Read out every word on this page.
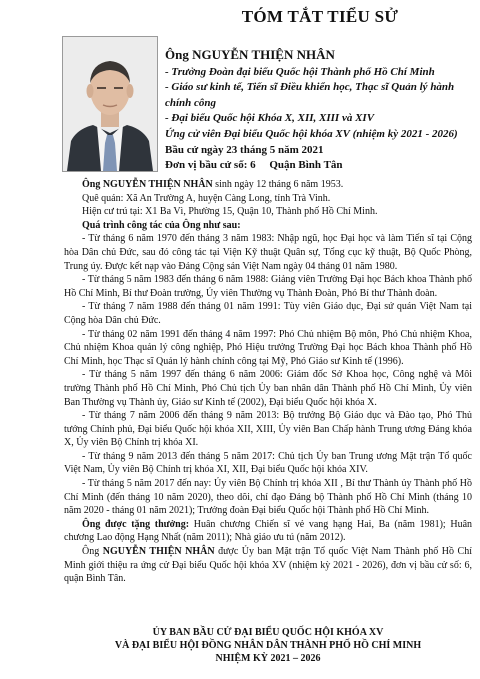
TÓM TẮT TIỂU SỬ
Ông NGUYỄN THIỆN NHÂN
- Trưởng Đoàn đại biểu Quốc hội Thành phố Hồ Chí Minh
- Giáo sư kinh tế, Tiến sĩ Điều khiển học, Thạc sĩ Quản lý hành chính công
- Đại biểu Quốc hội Khóa X, XII, XIII và XIV
Ứng cử viên Đại biểu Quốc hội khóa XV (nhiệm kỳ 2021 - 2026)
Bầu cử ngày 23 tháng 5 năm 2021
Đơn vị bầu cử số: 6     Quận Bình Tân

Ông NGUYỄN THIỆN NHÂN sinh ngày 12 tháng 6 năm 1953.

Quê quán: Xã An Trường A, huyện Càng Long, tỉnh Trà Vinh.

Hiện cư trú tại: X1 Ba Vì, Phường 15, Quận 10, Thành phố Hồ Chí Minh.

Quá trình công tác của Ông như sau:

- Từ tháng 6 năm 1970 đến tháng 3 năm 1983: Nhập ngũ, học Đại học và làm Tiến sĩ tại Cộng hòa Dân chủ Đức, sau đó công tác tại Viện Kỹ thuật Quân sự, Tổng cục kỹ thuật, Bộ Quốc Phòng, Trung úy. Được kết nạp vào Đảng Cộng sản Việt Nam ngày 04 tháng 01 năm 1980.

- Từ tháng 5 năm 1983 đến tháng 6 năm 1988: Giảng viên Trường Đại học Bách khoa Thành phố Hồ Chí Minh, Bí thư Đoàn trường, Ủy viên Thường vụ Thành Đoàn, Phó Bí thư Thành đoàn.

- Từ tháng 7 năm 1988 đến tháng 01 năm 1991: Tùy viên Giáo dục, Đại sứ quán Việt Nam tại Cộng hòa Dân chủ Đức.

- Từ tháng 02 năm 1991 đến tháng 4 năm 1997: Phó Chủ nhiệm Bộ môn, Phó Chủ nhiệm Khoa, Chủ nhiệm Khoa quản lý công nghiệp, Phó Hiệu trưởng Trường Đại học Bách khoa Thành phố Hồ Chí Minh, học Thạc sĩ Quản lý hành chính công tại Mỹ, Phó Giáo sư Kinh tế (1996).

- Từ tháng 5 năm 1997 đến tháng 6 năm 2006: Giám đốc Sở Khoa học, Công nghệ và Môi trường Thành phố Hồ Chí Minh, Phó Chủ tịch Ủy ban nhân dân Thành phố Hồ Chí Minh, Ủy viên Ban Thường vụ Thành ủy, Giáo sư Kinh tế (2002), Đại biểu Quốc hội khóa X.

- Từ tháng 7 năm 2006 đến tháng 9 năm 2013: Bộ trưởng Bộ Giáo dục và Đào tạo, Phó Thủ tướng Chính phủ, Đại biểu Quốc hội khóa XII, XIII, Ủy viên Ban Chấp hành Trung ương Đảng khóa X, Ủy viên Bộ Chính trị khóa XI.

- Từ tháng 9 năm 2013 đến tháng 5 năm 2017: Chủ tịch Ủy ban Trung ương Mặt trận Tổ quốc Việt Nam, Ủy viên Bộ Chính trị khóa XI, XII, Đại biểu Quốc hội khóa XIV.

- Từ tháng 5 năm 2017 đến nay: Ủy viên Bộ Chính trị khóa XII , Bí thư Thành ủy Thành phố Hồ Chí Minh (đến tháng 10 năm 2020), theo dõi, chỉ đạo Đảng bộ Thành phố Hồ Chí Minh (tháng 10 năm 2020 - tháng 01 năm 2021); Trưởng đoàn Đại biểu Quốc hội Thành phố Hồ Chí Minh.

Ông được tặng thưởng: Huân chương Chiến sĩ vẻ vang hạng Hai, Ba (năm 1981); Huân chương Lao động Hạng Nhất (năm 2011); Nhà giáo ưu tú (năm 2012).

Ông NGUYỄN THIỆN NHÂN được Ủy ban Mặt trận Tổ quốc Việt Nam Thành phố Hồ Chí Minh giới thiệu ra ứng cử Đại biểu Quốc hội khóa XV (nhiệm kỳ 2021 - 2026), đơn vị bầu cử số: 6, quận Bình Tân.

ỦY BAN BẦU CỬ ĐẠI BIỂU QUỐC HỘI KHÓA XV
VÀ ĐẠI BIỂU HỘI ĐỒNG NHÂN DÂN THÀNH PHỐ HỒ CHÍ MINH
NHIỆM KỲ 2021 – 2026
